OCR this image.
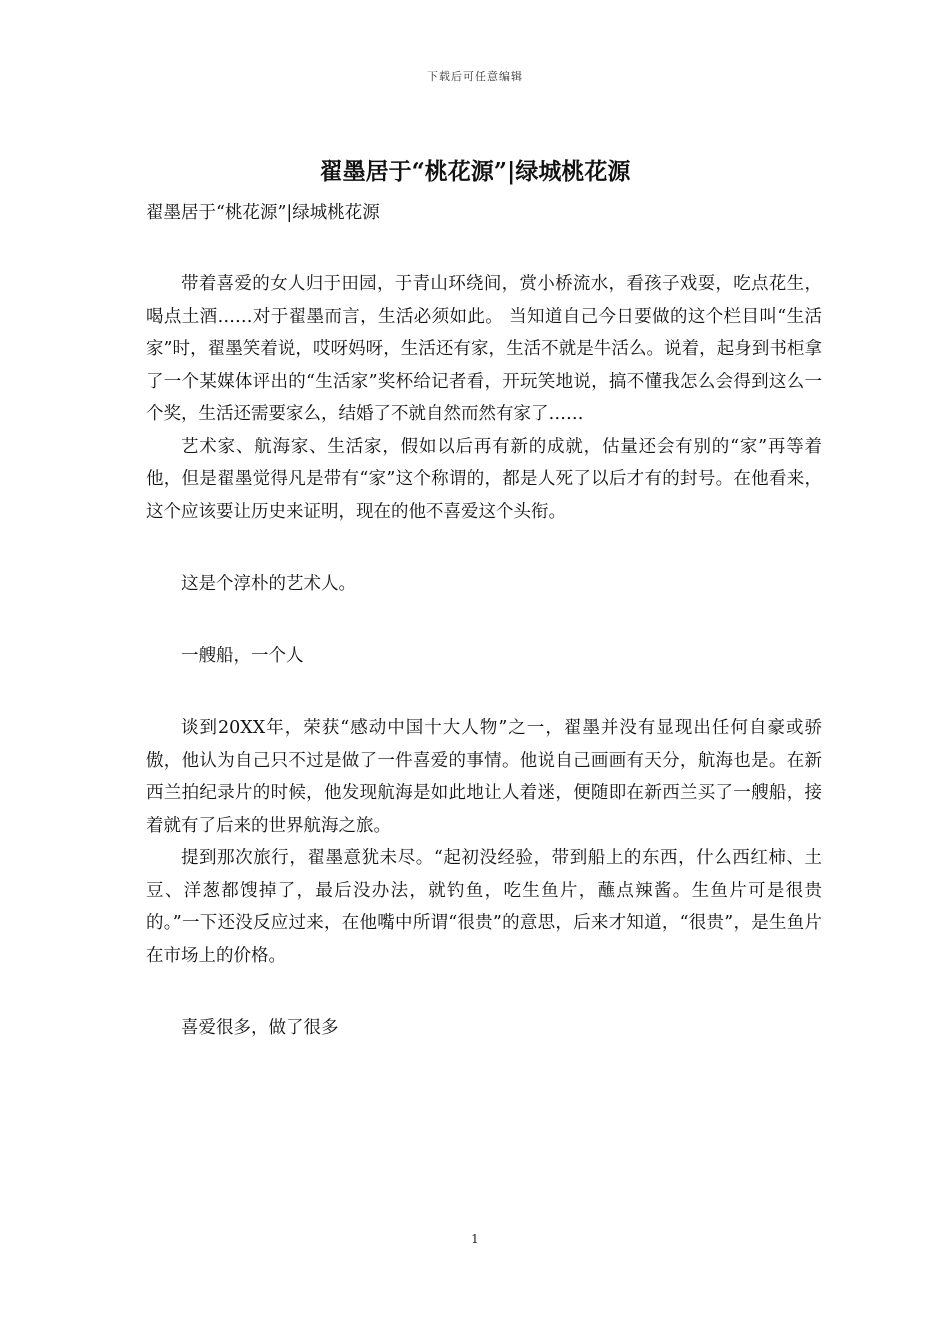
下载后可任意编辑
翟墨居于“桃花源”|绿城桃花源

翟墨居于“桃花源”|绿城桃花源

带着喜爱的女人归于田园，于青山环绕间，赏小桥流水，看孩子戏耍，吃点花生，喝点土酒……对于翟墨而言，生活必须如此。 当知道自己今日要做的这个栏目叫“生活家”时，翟墨笑着说，哎呀妈呀，生活还有家，生活不就是牛活么。说着，起身到书柜拿了一个某媒体评出的“生活家”奖杯给记者看，开玩笑地说，搞不懂我怎么会得到这么一个奖，生活还需要家么，结婚了不就自然而然有家了……

艺术家、航海家、生活家，假如以后再有新的成就，估量还会有别的“家”再等着他，但是翟墨觉得凡是带有“家”这个称谓的，都是人死了以后才有的封号。在他看来，这个应该要让历史来证明，现在的他不喜爱这个头衔。

这是个淳朴的艺术人。

一艘船，一个人

谈到20XX年，荣获“感动中国十大人物”之一，翟墨并没有显现出任何自豪或骄傲，他认为自己只不过是做了一件喜爱的事情。他说自己画画有天分，航海也是。在新西兰拍纪录片的时候，他发现航海是如此地让人着迷，便随即在新西兰买了一艘船，接着就有了后来的世界航海之旅。

提到那次旅行，翟墨意犹未尽。“起初没经验，带到船上的东西，什么西红柿、土豆、洋葱都馊掉了，最后没办法，就钓鱼，吃生鱼片，蘸点辣酱。生鱼片可是很贵的。”一下还没反应过来，在他嘴中所谓“很贵”的意思，后来才知道，“很贵”，是生鱼片在市场上的价格。

喜爱很多，做了很多

1
